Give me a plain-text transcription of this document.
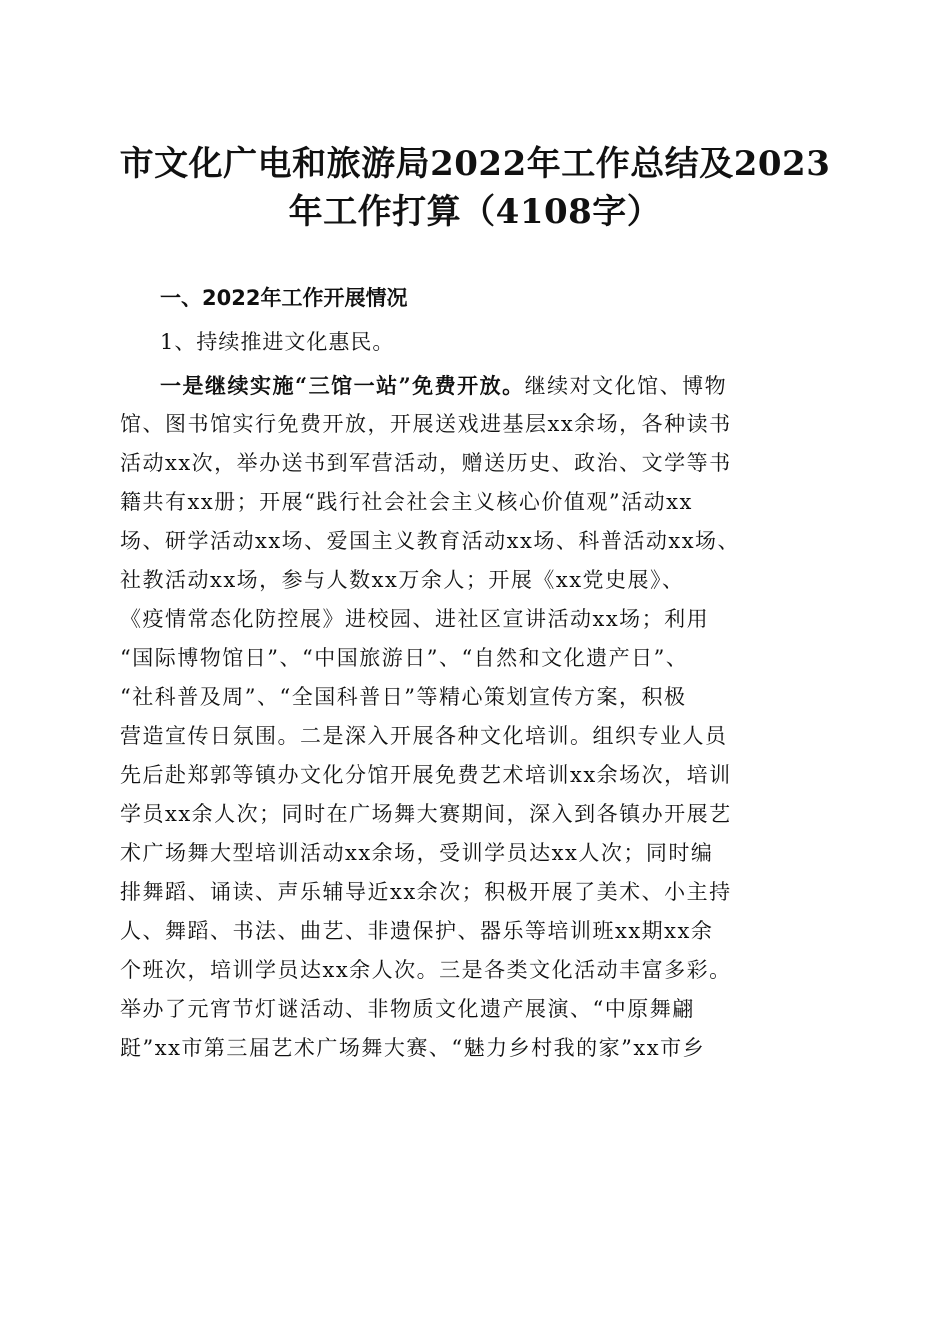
市文化广电和旅游局2022年工作总结及2023
年工作打算（4108字）
一、2022年工作开展情况
1、持续推进文化惠民。
一是继续实施“三馆一站”免费开放。继续对文化馆、博物
馆、图书馆实行免费开放，开展送戏进基层xx余场，各种读书
活动xx次，举办送书到军营活动，赠送历史、政治、文学等书
籍共有xx册；开展“践行社会社会主义核心价值观”活动xx
场、研学活动xx场、爱国主义教育活动xx场、科普活动xx场、
社教活动xx场，参与人数xx万余人；开展《xx党史展》、
《疫情常态化防控展》进校园、进社区宣讲活动xx场；利用
“国际博物馆日”、“中国旅游日”、“自然和文化遗产日”、
“社科普及周”、“全国科普日”等精心策划宣传方案，积极
营造宣传日氛围。二是深入开展各种文化培训。组织专业人员
先后赴郑郭等镇办文化分馆开展免费艺术培训xx余场次，培训
学员xx余人次；同时在广场舞大赛期间，深入到各镇办开展艺
术广场舞大型培训活动xx余场，受训学员达xx人次；同时编
排舞蹈、诵读、声乐辅导近xx余次；积极开展了美术、小主持
人、舞蹈、书法、曲艺、非遗保护、器乐等培训班xx期xx余
个班次，培训学员达xx余人次。三是各类文化活动丰富多彩。
举办了元宵节灯谜活动、非物质文化遗产展演、“中原舞翩
跹”xx市第三届艺术广场舞大赛、“魅力乡村我的家”xx市乡
